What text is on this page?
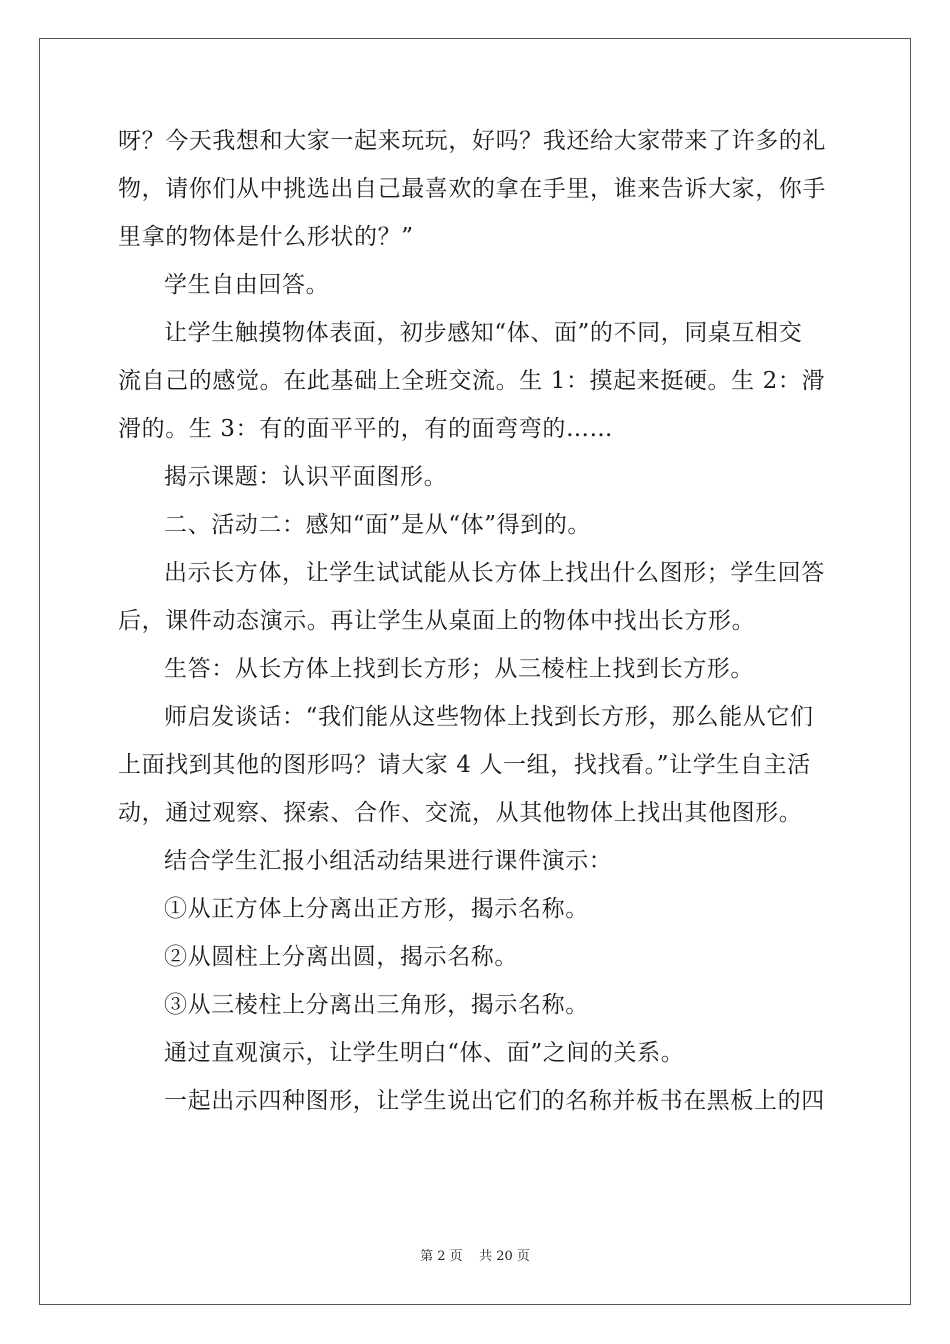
呀？今天我想和大家一起来玩玩，好吗？我还给大家带来了许多的礼
物，请你们从中挑选出自己最喜欢的拿在手里，谁来告诉大家，你手
里拿的物体是什么形状的？”
学生自由回答。
让学生触摸物体表面，初步感知“体、面”的不同，同桌互相交
流自己的感觉。在此基础上全班交流。生 1：摸起来挺硬。生 2：滑
滑的。生 3：有的面平平的，有的面弯弯的……
揭示课题：认识平面图形。
二、活动二：感知“面”是从“体”得到的。
出示长方体，让学生试试能从长方体上找出什么图形；学生回答
后，课件动态演示。再让学生从桌面上的物体中找出长方形。
生答：从长方体上找到长方形；从三棱柱上找到长方形。
师启发谈话：“我们能从这些物体上找到长方形，那么能从它们
上面找到其他的图形吗？请大家 4 人一组，找找看。”让学生自主活
动，通过观察、探索、合作、交流，从其他物体上找出其他图形。
结合学生汇报小组活动结果进行课件演示：
①从正方体上分离出正方形，揭示名称。
②从圆柱上分离出圆，揭示名称。
③从三棱柱上分离出三角形，揭示名称。
通过直观演示，让学生明白“体、面”之间的关系。
一起出示四种图形，让学生说出它们的名称并板书在黑板上的四
第 2 页    共 20 页
